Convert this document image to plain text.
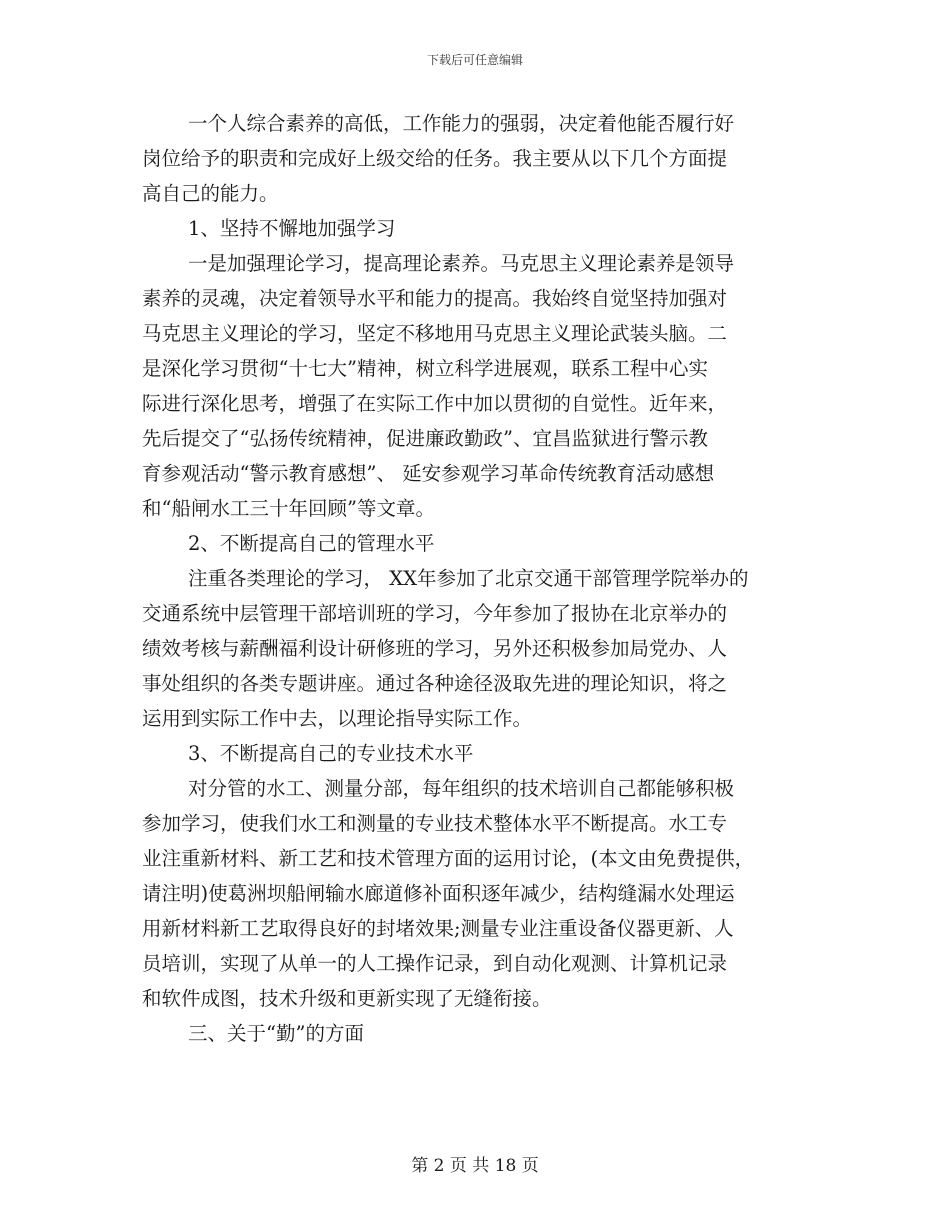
下载后可任意编辑
一个人综合素养的高低，工作能力的强弱，决定着他能否履行好
岗位给予的职责和完成好上级交给的任务。我主要从以下几个方面提
高自己的能力。
1、坚持不懈地加强学习
一是加强理论学习，提高理论素养。马克思主义理论素养是领导
素养的灵魂，决定着领导水平和能力的提高。我始终自觉坚持加强对
马克思主义理论的学习，坚定不移地用马克思主义理论武装头脑。二
是深化学习贯彻“十七大”精神，树立科学进展观，联系工程中心实
际进行深化思考，增强了在实际工作中加以贯彻的自觉性。近年来，
先后提交了“弘扬传统精神，促进廉政勤政”、宜昌监狱进行警示教
育参观活动“警示教育感想”、 延安参观学习革命传统教育活动感想
和“船闸水工三十年回顾”等文章。
2、不断提高自己的管理水平
注重各类理论的学习， XX年参加了北京交通干部管理学院举办的
交通系统中层管理干部培训班的学习，今年参加了报协在北京举办的
绩效考核与薪酬福利设计研修班的学习，另外还积极参加局党办、人
事处组织的各类专题讲座。通过各种途径汲取先进的理论知识，将之
运用到实际工作中去，以理论指导实际工作。
3、不断提高自己的专业技术水平
对分管的水工、测量分部，每年组织的技术培训自己都能够积极
参加学习，使我们水工和测量的专业技术整体水平不断提高。水工专
业注重新材料、新工艺和技术管理方面的运用讨论，(本文由免费提供，
请注明)使葛洲坝船闸输水廊道修补面积逐年减少，结构缝漏水处理运
用新材料新工艺取得良好的封堵效果;测量专业注重设备仪器更新、人
员培训，实现了从单一的人工操作记录，到自动化观测、计算机记录
和软件成图，技术升级和更新实现了无缝衔接。
三、关于“勤”的方面
第 2 页 共 18 页
